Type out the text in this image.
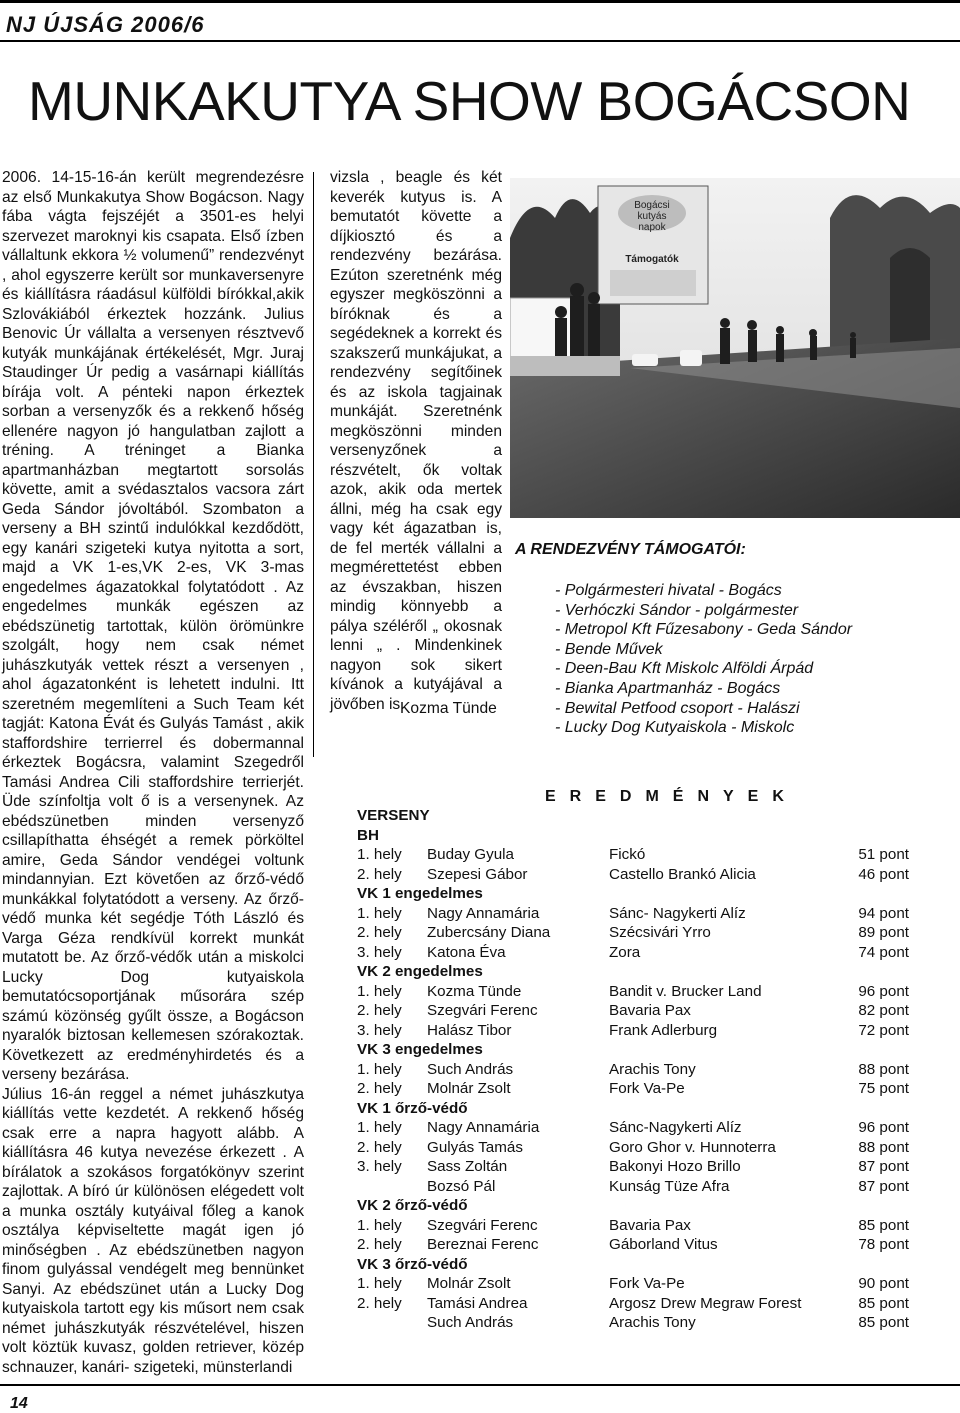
NJ ÚJSÁG 2006/6
MUNKAKUTYA SHOW BOGÁCSON

2006. 14-15-16-án került megrendezésre az első Munkakutya Show Bogácson. Nagy fába vágta fejszéjét a 3501-es helyi szervezet maroknyi kis csapata. Első ízben vállaltunk ekkora ½ volumenű” rendezvényt , ahol egyszerre került sor munkaversenyre és kiállításra ráadásul külföldi bírókkal,akik Szlovákiából érkeztek hozzánk. Julius Benovic Úr vállalta a versenyen résztvevő kutyák munkájának értékelését, Mgr. Juraj Staudinger Úr pedig a vasárnapi kiállítás bírája volt. A pénteki napon érkeztek sorban a versenyzők és a rekkenő hőség ellenére nagyon jó hangulatban zajlott a tréning. A tréninget a Bianka apartmanházban megtartott sorsolás követte, amit a svédasztalos vacsora zárt Geda Sándor jóvoltából. Szombaton a verseny a BH szintű indulókkal kezdődött, egy kanári szigeteki kutya nyitotta a sort, majd a VK 1-es,VK 2-es, VK 3-mas engedelmes ágazatokkal folytatódott . Az engedelmes munkák egészen az ebédszünetig tartottak, külön örömünkre szolgált, hogy nem csak német juhászkutyák vettek részt a versenyen , ahol ágazatonként is lehetett indulni. Itt szeretném megemlíteni a Such Team két tagját: Katona Évát és Gulyás Tamást , akik staffordshire terrierrel és dobermannal érkeztek Bogácsra, valamint Szegedről Tamási Andrea Cili staffordshire terrierjét. Üde színfoltja volt ő is a versenynek. Az ebédszünetben minden versenyző csillapíthatta éhségét a remek pörköltel amire, Geda Sándor vendégei voltunk mindannyian. Ezt követően az őrző-védő munkákkal folytatódott a verseny. Az őrző-védő munka két segédje Tóth László és Varga Géza rendkívül korrekt munkát mutatott be. Az őrző-védők után a miskolci Lucky Dog kutyaiskola bemutatócsoportjának műsorára szép számú közönség gyűlt össze, a Bogácson nyaralók biztosan kellemesen szórakoztak. Következett az eredményhirdetés és a verseny bezárása.

Július 16-án reggel a német juhászkutya kiállítás vette kezdetét. A rekkenő hőség csak erre a napra hagyott alább. A kiállításra 46 kutya nevezése érkezett . A bírálatok a szokásos forgatókönyv szerint zajlottak. A bíró úr különösen elégedett volt a munka osztály kutyáival főleg a kanok osztálya képviseltette magát igen jó minőségben . Az ebédszünetben nagyon finom gulyással vendégelt meg bennünket Sanyi. Az ebédszünet után a Lucky Dog kutyaiskola tartott egy kis műsort nem csak német juhászkutyák részvételével, hiszen volt köztük kuvasz, golden retriever, közép schnauzer, kanári- szigeteki, münsterlandi

vizsla , beagle és két keverék kutyus is. A bemutatót követte a díjkiosztó és a rendezvény bezárása. Ezúton szeretnénk még egyszer megköszönni a bíróknak és a segédeknek a korrekt és szakszerű munkájukat, a rendezvény segítőinek és az iskola tagjainak munkáját. Szeretnénk megköszönni minden versenyzőnek a részvételt, ők voltak azok, akik oda mertek állni, még ha csak egy vagy két ágazatban is, de fel merték vállalni a megmérettetést ebben az évszakban, hiszen mindig könnyebb a pálya széléről „ okosnak lenni „ . Mindenkinek nagyon sok sikert kívánok a kutyájával a jövőben is.

Kozma Tünde
Bogácsi
kutyás
napok
Támogatók
A RENDEZVÉNY TÁMOGATÓI:
- Polgármesteri hivatal - Bogács
- Verhóczki Sándor - polgármester
- Metropol Kft Fűzesabony - Geda Sándor
- Bende Művek
- Deen-Bau Kft Miskolc Alföldi Árpád
- Bianka Apartmanház - Bogács
- Bewital Petfood csoport - Halászi
- Lucky Dog Kutyaiskola - Miskolc
EREDMÉNYEK
VERSENY
BH
1. hely Buday Gyula	Fickó	51 pont
2. hely Szepesi Gábor	Castello Brankó Alicia	46 pont
VK 1 engedelmes
1. hely Nagy Annamária	Sánc- Nagykerti Alíz	94 pont
2. hely Zubercsány Diana	Szécsivári Yrro	89 pont
3. hely Katona Éva	Zora	74 pont
VK 2 engedelmes
1. hely Kozma Tünde	Bandit v. Brucker Land	96 pont
2. hely Szegvári Ferenc	Bavaria Pax	82 pont
3. hely Halász Tibor	Frank Adlerburg	72 pont
VK 3 engedelmes
1. hely Such András	Arachis Tony	88 pont
2. hely Molnár Zsolt	Fork Va-Pe	75 pont
VK 1 őrző-védő
1. hely Nagy Annamária	Sánc-Nagykerti Alíz	96 pont
2. hely Gulyás Tamás	Goro Ghor v. Hunnoterra	88 pont
3. hely Sass Zoltán	Bakonyi Hozo Brillo	87 pont
Bozsó Pál	Kunság Tüze Afra	87 pont
VK 2 őrző-védő
1. hely Szegvári Ferenc	Bavaria Pax	85 pont
2. hely Bereznai Ferenc	Gáborland Vitus	78 pont
VK 3 őrző-védő
1. hely Molnár Zsolt	Fork Va-Pe	90 pont
2. hely Tamási Andrea	Argosz Drew Megraw Forest	85 pont
Such András	Arachis Tony	85 pont
14
